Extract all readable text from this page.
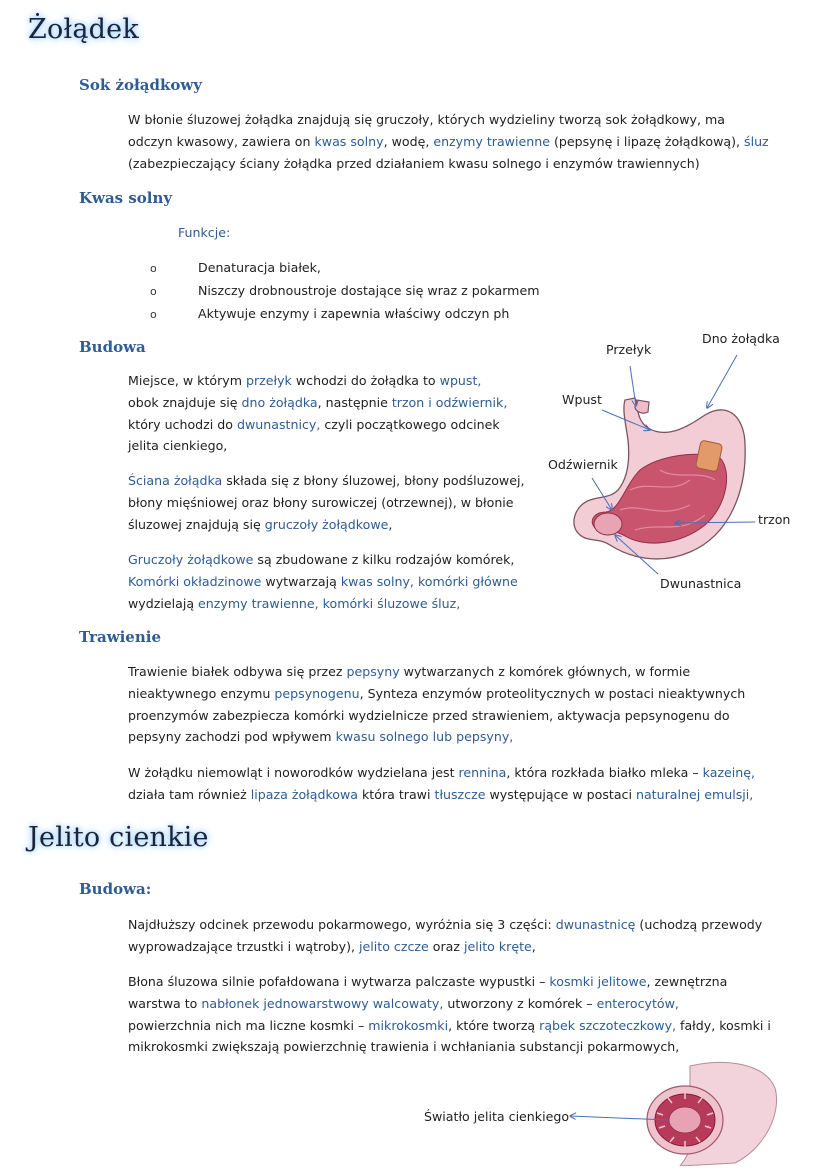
Żołądek
Sok żołądkowy
W błonie śluzowej żołądka znajdują się gruczoły, których wydzieliny tworzą sok żołądkowy, ma
odczyn kwasowy, zawiera on kwas solny, wodę, enzymy trawienne (pepsynę i lipazę żołądkową), śluz
(zabezpieczający ściany żołądka przed działaniem kwasu solnego i enzymów trawiennych)
Kwas solny
Funkcje:
o	Denaturacja białek,
o	Niszczy drobnoustroje dostające się wraz z pokarmem
o	Aktywuje enzymy i zapewnia właściwy odczyn ph
Budowa
Miejsce, w którym przełyk wchodzi do żołądka to wpust,
obok znajduje się dno żołądka, następnie trzon i odźwiernik,
który uchodzi do dwunastnicy, czyli początkowego odcinek
jelita cienkiego,
Ściana żołądka składa się z błony śluzowej, błony podśluzowej,
błony mięśniowej oraz błony surowiczej (otrzewnej), w błonie
śluzowej znajdują się gruczoły żołądkowe,
Gruczoły żołądkowe są zbudowane z kilku rodzajów komórek,
Komórki okładzinowe wytwarzają kwas solny, komórki główne
wydzielają enzymy trawienne, komórki śluzowe śluz,
Przełyk
Dno żołądka
Wpust
Odźwiernik
trzon
Dwunastnica
Trawienie
Trawienie białek odbywa się przez pepsyny wytwarzanych z komórek głównych, w formie
nieaktywnego enzymu pepsynogenu, Synteza enzymów proteolitycznych w postaci nieaktywnych
proenzymów zabezpiecza komórki wydzielnicze przed strawieniem, aktywacja pepsynogenu do
pepsyny zachodzi pod wpływem kwasu solnego lub pepsyny,
W żołądku niemowląt i noworodków wydzielana jest rennina, która rozkłada białko mleka – kazeinę,
działa tam również lipaza żołądkowa która trawi tłuszcze występujące w postaci naturalnej emulsji,
Jelito cienkie
Budowa:
Najdłuższy odcinek przewodu pokarmowego, wyróżnia się 3 części: dwunastnicę (uchodzą przewody
wyprowadzające trzustki i wątroby), jelito czcze oraz jelito kręte,
Błona śluzowa silnie pofałdowana i wytwarza palczaste wypustki – kosmki jelitowe, zewnętrzna
warstwa to nabłonek jednowarstwowy walcowaty, utworzony z komórek – enterocytów,
powierzchnia nich ma liczne kosmki – mikrokosmki, które tworzą rąbek szczoteczkowy, fałdy, kosmki i
mikrokosmki zwiększają powierzchnię trawienia i wchłaniania substancji pokarmowych,
Światło jelita cienkiego
